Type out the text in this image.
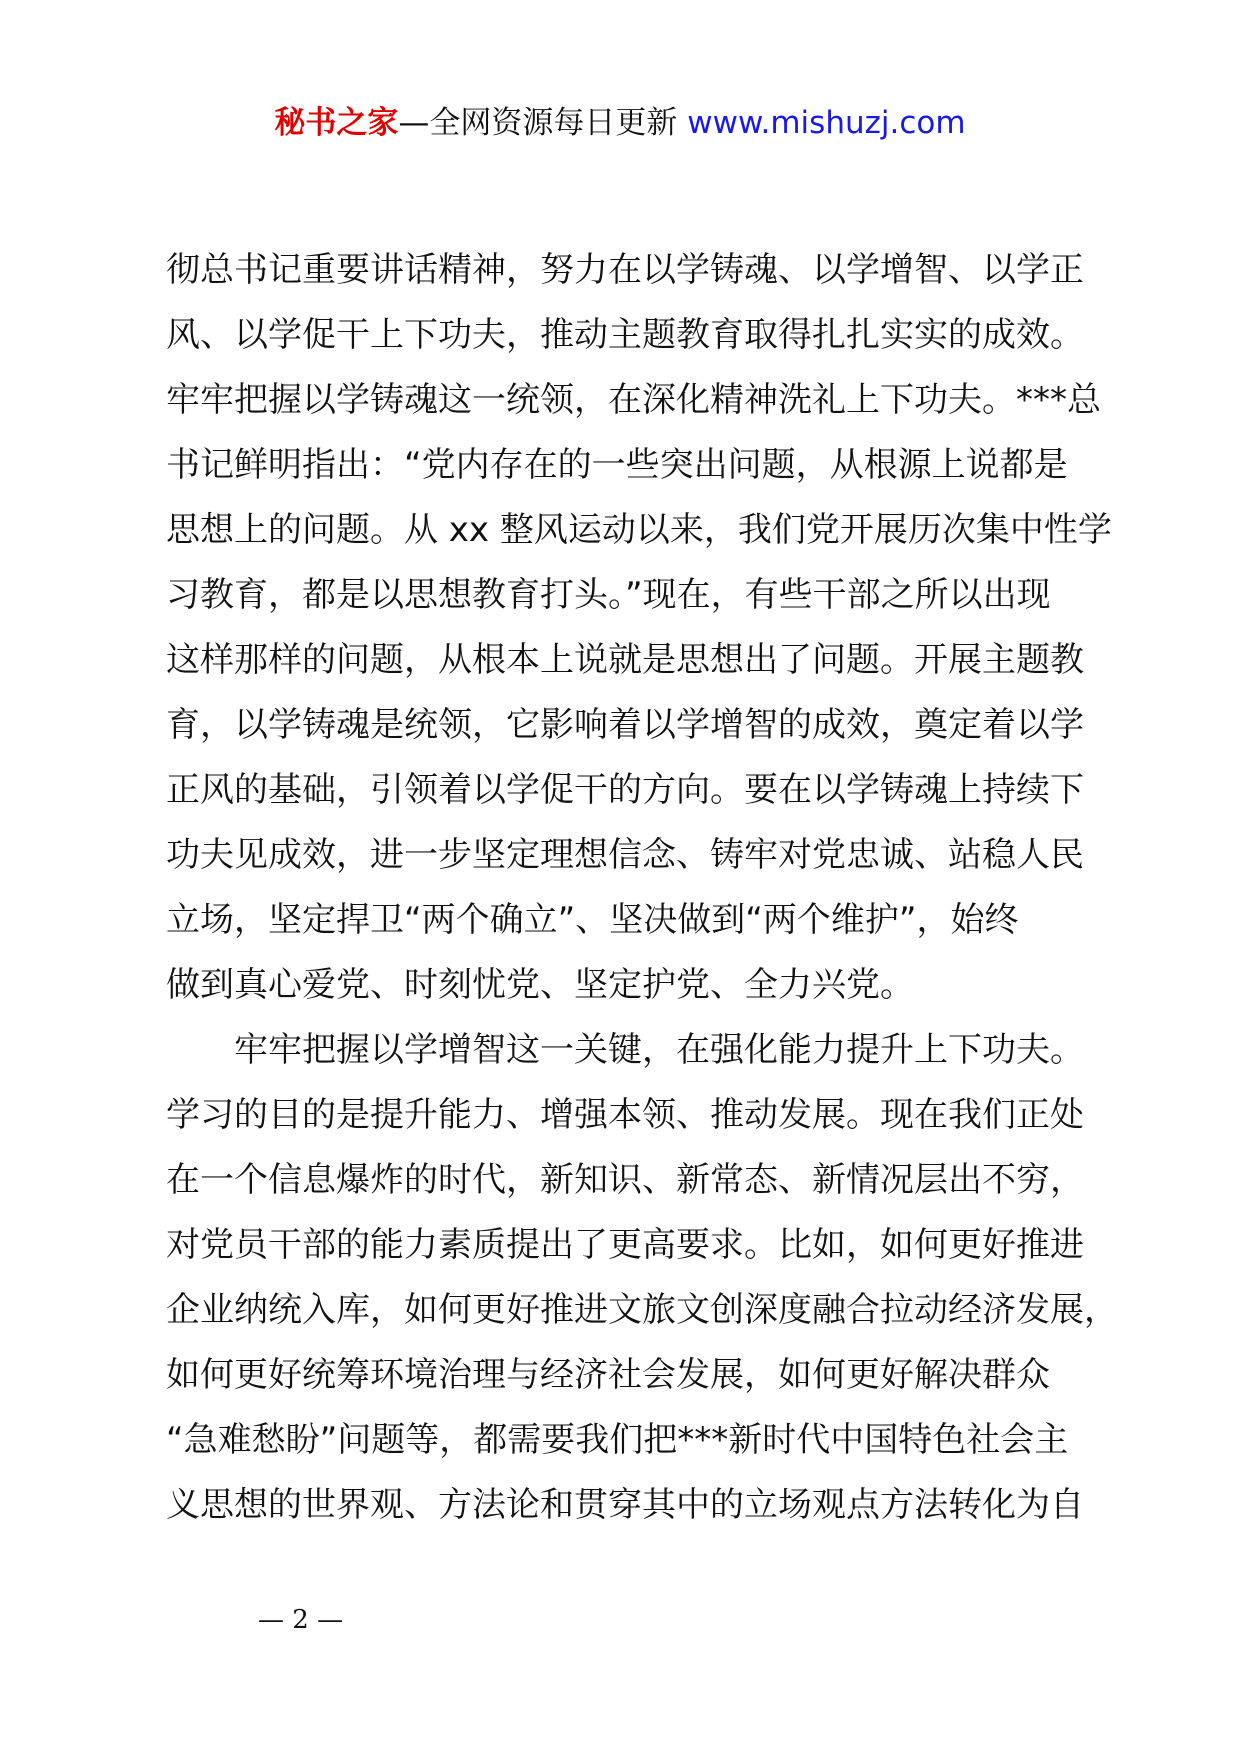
秘书之家—全网资源每日更新 www.mishuzj.com
彻总书记重要讲话精神，努力在以学铸魂、以学增智、以学正
风、以学促干上下功夫，推动主题教育取得扎扎实实的成效。
牢牢把握以学铸魂这一统领，在深化精神洗礼上下功夫。***总
书记鲜明指出：“党内存在的一些突出问题，从根源上说都是
思想上的问题。从 xx 整风运动以来，我们党开展历次集中性学
习教育，都是以思想教育打头。”现在，有些干部之所以出现
这样那样的问题，从根本上说就是思想出了问题。开展主题教
育，以学铸魂是统领，它影响着以学增智的成效，奠定着以学
正风的基础，引领着以学促干的方向。要在以学铸魂上持续下
功夫见成效，进一步坚定理想信念、铸牢对党忠诚、站稳人民
立场，坚定捍卫“两个确立”、坚决做到“两个维护”，始终
做到真心爱党、时刻忧党、坚定护党、全力兴党。
　　牢牢把握以学增智这一关键，在强化能力提升上下功夫。
学习的目的是提升能力、增强本领、推动发展。现在我们正处
在一个信息爆炸的时代，新知识、新常态、新情况层出不穷，
对党员干部的能力素质提出了更高要求。比如，如何更好推进
企业纳统入库，如何更好推进文旅文创深度融合拉动经济发展，
如何更好统筹环境治理与经济社会发展，如何更好解决群众
“急难愁盼”问题等，都需要我们把***新时代中国特色社会主
义思想的世界观、方法论和贯穿其中的立场观点方法转化为自
— 2 —
